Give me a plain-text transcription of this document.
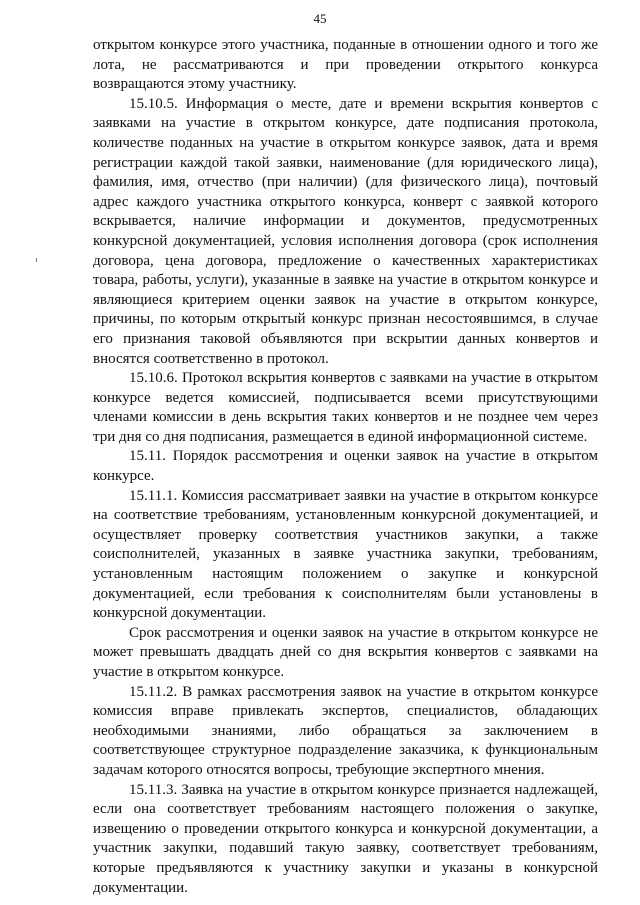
45

открытом конкурсе этого участника, поданные в отношении одного и того же лота, не рассматриваются и при проведении открытого конкурса возвращаются этому участнику.

15.10.5. Информация о месте, дате и времени вскрытия конвертов с заявками на участие в открытом конкурсе, дате подписания протокола, количестве поданных на участие в открытом конкурсе заявок, дата и время регистрации каждой такой заявки, наименование (для юридического лица), фамилия, имя, отчество (при наличии) (для физического лица), почтовый адрес каждого участника открытого конкурса, конверт с заявкой которого вскрывается, наличие информации и документов, предусмотренных конкурсной документацией, условия исполнения договора (срок исполнения договора, цена договора, предложение о качественных характеристиках товара, работы, услуги), указанные в заявке на участие в открытом конкурсе и являющиеся критерием оценки заявок на участие в открытом конкурсе, причины, по которым открытый конкурс признан несостоявшимся, в случае его признания таковой объявляются при вскрытии данных конвертов и вносятся соответственно в протокол.

15.10.6. Протокол вскрытия конвертов с заявками на участие в открытом конкурсе ведется комиссией, подписывается всеми присутствующими членами комиссии в день вскрытия таких конвертов и не позднее чем через три дня со дня подписания, размещается в единой информационной системе.

15.11. Порядок рассмотрения и оценки заявок на участие в открытом конкурсе.

15.11.1. Комиссия рассматривает заявки на участие в открытом конкурсе на соответствие требованиям, установленным конкурсной документацией, и осуществляет проверку соответствия участников закупки, а также соисполнителей, указанных в заявке участника закупки, требованиям, установленным настоящим положением о закупке и конкурсной документацией, если требования к соисполнителям были установлены в конкурсной документации.

Срок рассмотрения и оценки заявок на участие в открытом конкурсе не может превышать двадцать дней со дня вскрытия конвертов с заявками на участие в открытом конкурсе.

15.11.2. В рамках рассмотрения заявок на участие в открытом конкурсе комиссия вправе привлекать экспертов, специалистов, обладающих необходимыми знаниями, либо обращаться за заключением в соответствующее структурное подразделение заказчика, к функциональным задачам которого относятся вопросы, требующие экспертного мнения.

15.11.3. Заявка на участие в открытом конкурсе признается надлежащей, если она соответствует требованиям настоящего положения о закупке, извещению о проведении открытого конкурса и конкурсной документации, а участник закупки, подавший такую заявку, соответствует требованиям, которые предъявляются к участнику закупки и указаны в конкурсной документации.
